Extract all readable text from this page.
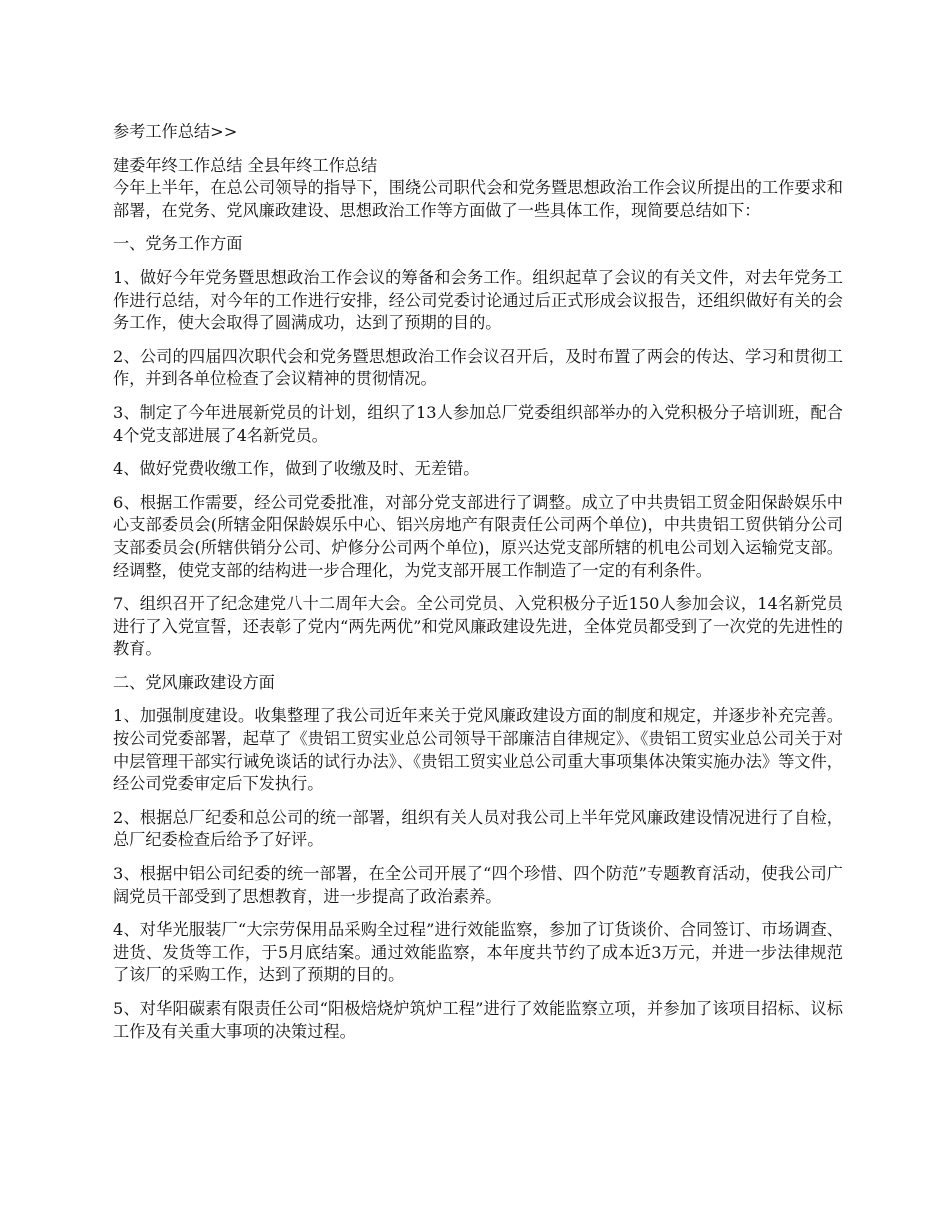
参考工作总结>>

建委年终工作总结 全县年终工作总结

今年上半年，在总公司领导的指导下，围绕公司职代会和党务暨思想政治工作会议所提出的工作要求和部署，在党务、党风廉政建设、思想政治工作等方面做了一些具体工作，现简要总结如下：

一、党务工作方面

1、做好今年党务暨思想政治工作会议的筹备和会务工作。组织起草了会议的有关文件，对去年党务工作进行总结，对今年的工作进行安排，经公司党委讨论通过后正式形成会议报告，还组织做好有关的会务工作，使大会取得了圆满成功，达到了预期的目的。

2、公司的四届四次职代会和党务暨思想政治工作会议召开后，及时布置了两会的传达、学习和贯彻工作，并到各单位检查了会议精神的贯彻情况。

3、制定了今年进展新党员的计划，组织了13人参加总厂党委组织部举办的入党积极分子培训班，配合4个党支部进展了4名新党员。

4、做好党费收缴工作，做到了收缴及时、无差错。

6、根据工作需要，经公司党委批准，对部分党支部进行了调整。成立了中共贵铝工贸金阳保龄娱乐中心支部委员会(所辖金阳保龄娱乐中心、铝兴房地产有限责任公司两个单位)，中共贵铝工贸供销分公司支部委员会(所辖供销分公司、炉修分公司两个单位)，原兴达党支部所辖的机电公司划入运输党支部。经调整，使党支部的结构进一步合理化，为党支部开展工作制造了一定的有利条件。

7、组织召开了纪念建党八十二周年大会。全公司党员、入党积极分子近150人参加会议，14名新党员进行了入党宣誓，还表彰了党内“两先两优”和党风廉政建设先进，全体党员都受到了一次党的先进性的教育。

二、党风廉政建设方面

1、加强制度建设。收集整理了我公司近年来关于党风廉政建设方面的制度和规定，并逐步补充完善。按公司党委部署，起草了《贵铝工贸实业总公司领导干部廉洁自律规定》、《贵铝工贸实业总公司关于对中层管理干部实行诫免谈话的试行办法》、《贵铝工贸实业总公司重大事项集体决策实施办法》等文件，经公司党委审定后下发执行。

2、根据总厂纪委和总公司的统一部署，组织有关人员对我公司上半年党风廉政建设情况进行了自检，总厂纪委检查后给予了好评。

3、根据中铝公司纪委的统一部署，在全公司开展了“四个珍惜、四个防范”专题教育活动，使我公司广阔党员干部受到了思想教育，进一步提高了政治素养。

4、对华光服装厂“大宗劳保用品采购全过程”进行效能监察，参加了订货谈价、合同签订、市场调查、进货、发货等工作，于5月底结案。通过效能监察，本年度共节约了成本近3万元，并进一步法律规范了该厂的采购工作，达到了预期的目的。

5、对华阳碳素有限责任公司“阳极焙烧炉筑炉工程”进行了效能监察立项，并参加了该项目招标、议标工作及有关重大事项的决策过程。
